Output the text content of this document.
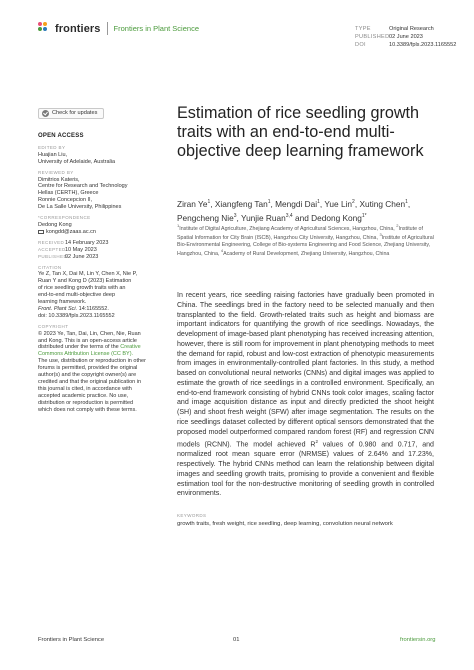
frontiers Frontiers in Plant Science	TYPE	Original Research
PUBLISHED02 June 2023
DOI	10.3389/fpls.2023.1165552
Check for updates
OPEN ACCESS
EDITED BY
Huajian Liu,
University of Adelaide, Australia
REVIEWED BY
Dimitrios Kateris,
Centre for Research and Technology
Hellas (CERTH), Greece
Ronnie Concepcion II,
De La Salle University, Philippines
*CORRESPONDENCE
Dedong Kong
kongdd@zaas.ac.cn
RECEIVED 14 February 2023
ACCEPTED 10 May 2023
PUBLISHED
02 June 2023
CITATION
Ye Z, Tan X, Dai M, Lin Y, Chen X, Nie P,
Ruan Y and Kong D (2023) Estimation
of rice seedling growth traits with an
end-to-end multi-objective deep
learning framework.
Front. Plant Sci. 14:1165552.
doi: 10.3389/fpls.2023.1165552
COPYRIGHT
© 2023 Ye, Tan, Dai, Lin, Chen, Nie, Ruan
and Kong. This is an open-access article
distributed under the terms of the Creative
Commons Attribution License (CC BY).
The use, distribution or reproduction in other
forums is permitted, provided the original
author(s) and the copyright owner(s) are
credited and that the original publication in
this journal is cited, in accordance with
accepted academic practice. No use,
distribution or reproduction is permitted
which does not comply with these terms.
Estimation of rice seedling growth traits with an end-to-end multi-objective deep learning framework
Ziran Ye$^1$, Xiangfeng Tan$^1$, Mengdi Dai$^1$, Yue Lin$^2$, Xuting Chen$^1$,
Pengcheng Nie$^3$, Yunjie Ruan$^{3,4}$ and Dedong Kong$^{1*}$
$^1$Institute of Digital Agriculture, Zhejiang Academy of Agricultural Sciences, Hangzhou, China, $^2$Institute of Spatial Information for City Brain (ISCB), Hangzhou City University, Hangzhou, China, $^3$Institute of Agricultural Bio-Environmental Engineering, College of Bio-systems Engineering and Food Science, Zhejiang University, Hangzhou, China, $^4$Academy of Rural Development, Zhejiang University, Hangzhou, China

In recent years, rice seedling raising factories have gradually been promoted in China. The seedlings bred in the factory need to be selected manually and then transplanted to the field. Growth-related traits such as height and biomass are important indicators for quantifying the growth of rice seedlings. Nowadays, the development of image-based plant phenotyping has received increasing attention, however, there is still room for improvement in plant phenotyping methods to meet the demand for rapid, robust and low-cost extraction of phenotypic measurements from images in environmentally-controlled plant factories. In this study, a method based on convolutional neural networks (CNNs) and digital images was applied to estimate the growth of rice seedlings in a controlled environment. Specifically, an end-to-end framework consisting of hybrid CNNs took color images, scaling factor and image acquisition distance as input and directly predicted the shoot height (SH) and shoot fresh weight (SFW) after image segmentation. The results on the rice seedlings dataset collected by different optical sensors demonstrated that the proposed model outperformed compared random forest (RF) and regression CNN models (RCNN). The model achieved $R^2$ values of 0.980 and 0.717, and normalized root mean square error (NRMSE) values of 2.64% and 17.23%, respectively. The hybrid CNNs method can learn the relationship between digital images and seedling growth traits, promising to provide a convenient and flexible estimation tool for the non-destructive monitoring of seedling growth in controlled environments.

KEYWORDS
growth traits, fresh weight, rice seedling, deep learning, convolution neural network
Frontiers in Plant Science	01	frontiersin.org
